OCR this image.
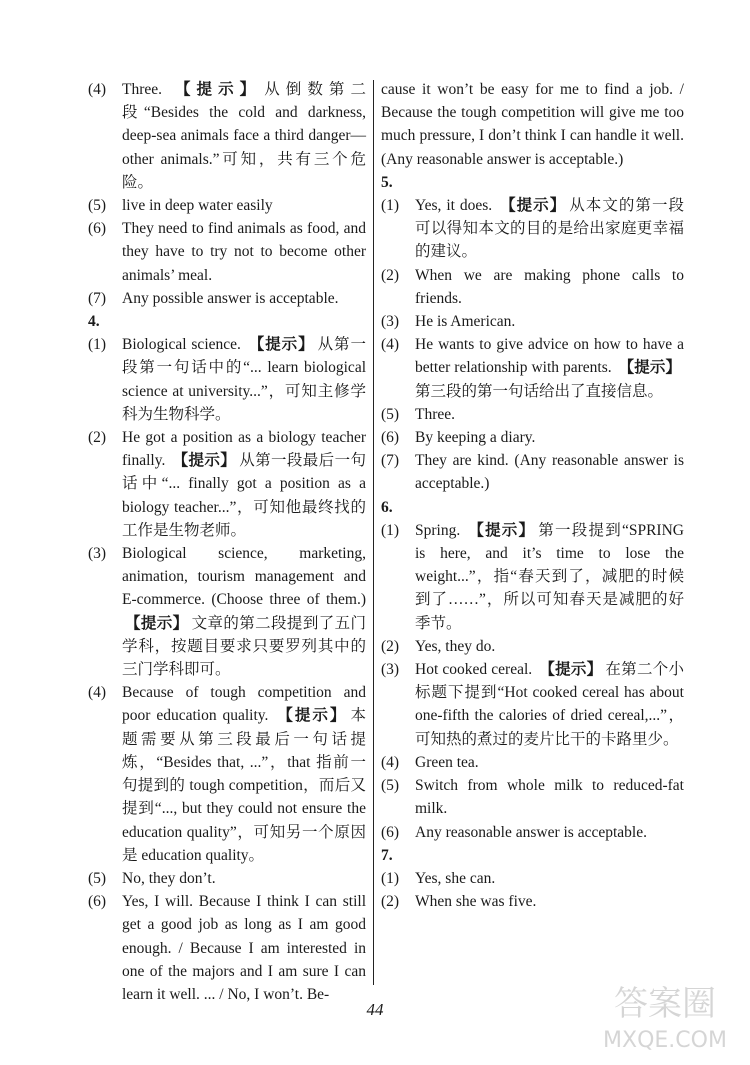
(4) Three. 【提示】 从倒数第二段“Besides the cold and darkness, deep-sea animals face a third danger—other animals.”可知，共有三个危险。
(5) live in deep water easily
(6) They need to find animals as food, and they have to try not to become other animals’ meal.
(7) Any possible answer is acceptable.
4.
(1) Biological science. 【提示】 从第一段第一句话中的“... learn biological science at university...”，可知主修学科为生物科学。
(2) He got a position as a biology teacher finally. 【提示】 从第一段最后一句话中“... finally got a position as a biology teacher...”，可知他最终找的工作是生物老师。
(3) Biological science, marketing, animation, tourism management and E-commerce. (Choose three of them.) 【提示】 文章的第二段提到了五门学科，按题目要求只要罗列其中的三门学科即可。
(4) Because of tough competition and poor education quality. 【提示】 本题需要从第三段最后一句话提炼，“Besides that, ...”，that 指前一句提到的 tough competition，而后又提到“..., but they could not ensure the education quality”，可知另一个原因是 education quality。
(5) No, they don’t.
(6) Yes, I will. Because I think I can still get a good job as long as I am good enough. / Because I am interested in one of the majors and I am sure I can learn it well. ... / No, I won’t. Be-
cause it won’t be easy for me to find a job. / Because the tough competition will give me too much pressure, I don’t think I can handle it well. (Any reasonable answer is acceptable.)
5.
(1) Yes, it does. 【提示】 从本文的第一段可以得知本文的目的是给出家庭更幸福的建议。
(2) When we are making phone calls to friends.
(3) He is American.
(4) He wants to give advice on how to have a better relationship with parents. 【提示】第三段的第一句话给出了直接信息。
(5) Three.
(6) By keeping a diary.
(7) They are kind. (Any reasonable answer is acceptable.)
6.
(1) Spring. 【提示】 第一段提到“SPRING is here, and it’s time to lose the weight...”，指“春天到了，减肥的时候到了……”，所以可知春天是减肥的好季节。
(2) Yes, they do.
(3) Hot cooked cereal. 【提示】 在第二个小标题下提到“Hot cooked cereal has about one-fifth the calories of dried cereal,...”，可知热的煮过的麦片比干的卡路里少。
(4) Green tea.
(5) Switch from whole milk to reduced-fat milk.
(6) Any reasonable answer is acceptable.
7.
(1) Yes, she can.
(2) When she was five.
44	答案圈
MXQE.COM
